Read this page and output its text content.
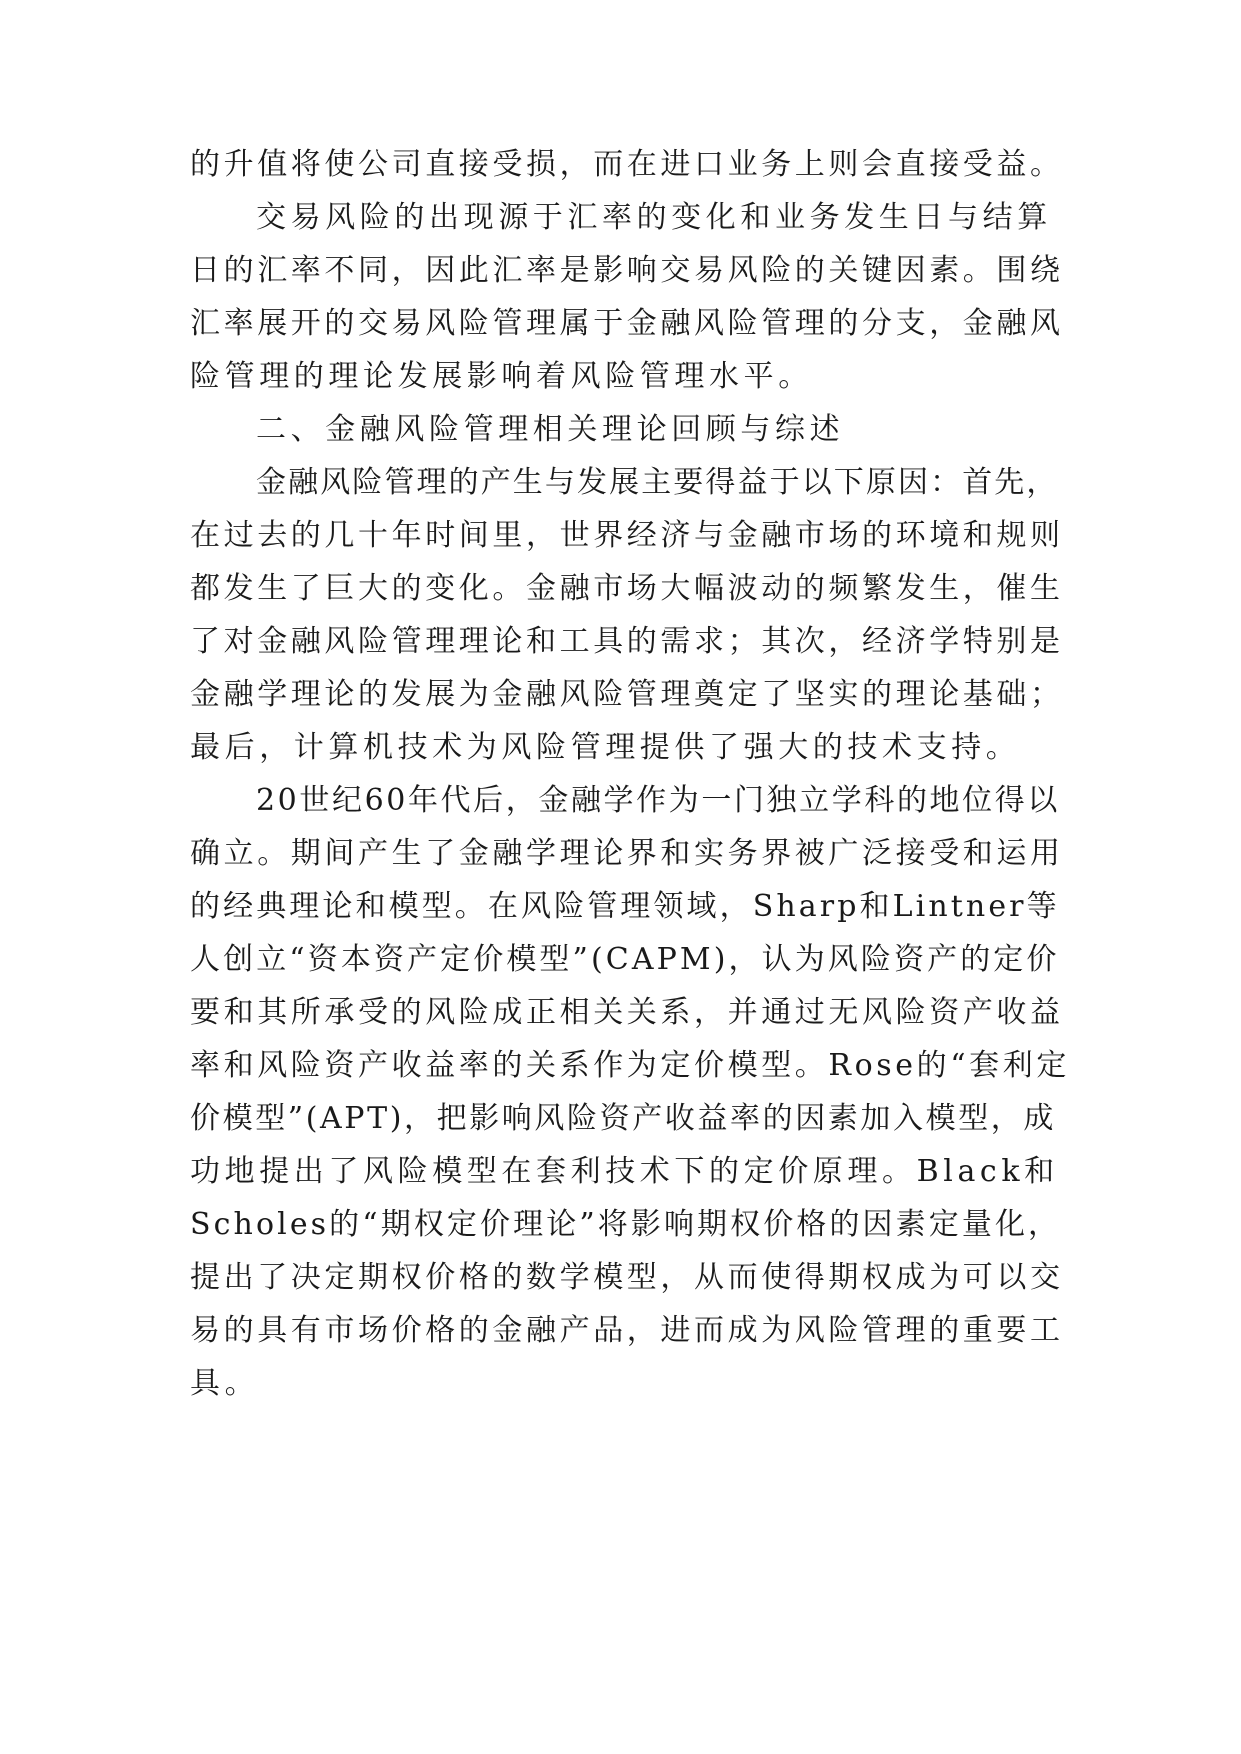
的升值将使公司直接受损，而在进口业务上则会直接受益。
交易风险的出现源于汇率的变化和业务发生日与结算
日的汇率不同，因此汇率是影响交易风险的关键因素。围绕
汇率展开的交易风险管理属于金融风险管理的分支，金融风
险管理的理论发展影响着风险管理水平。
二、金融风险管理相关理论回顾与综述
金融风险管理的产生与发展主要得益于以下原因：首先，
在过去的几十年时间里，世界经济与金融市场的环境和规则
都发生了巨大的变化。金融市场大幅波动的频繁发生，催生
了对金融风险管理理论和工具的需求；其次，经济学特别是
金融学理论的发展为金融风险管理奠定了坚实的理论基础；
最后，计算机技术为风险管理提供了强大的技术支持。
20世纪60年代后，金融学作为一门独立学科的地位得以
确立。期间产生了金融学理论界和实务界被广泛接受和运用
的经典理论和模型。在风险管理领域，Sharp和Lintner等
人创立“资本资产定价模型”(CAPM)，认为风险资产的定价
要和其所承受的风险成正相关关系，并通过无风险资产收益
率和风险资产收益率的关系作为定价模型。Rose的“套利定
价模型”(APT)，把影响风险资产收益率的因素加入模型，成
功地提出了风险模型在套利技术下的定价原理。Black和
Scholes的“期权定价理论”将影响期权价格的因素定量化，
提出了决定期权价格的数学模型，从而使得期权成为可以交
易的具有市场价格的金融产品，进而成为风险管理的重要工
具。
